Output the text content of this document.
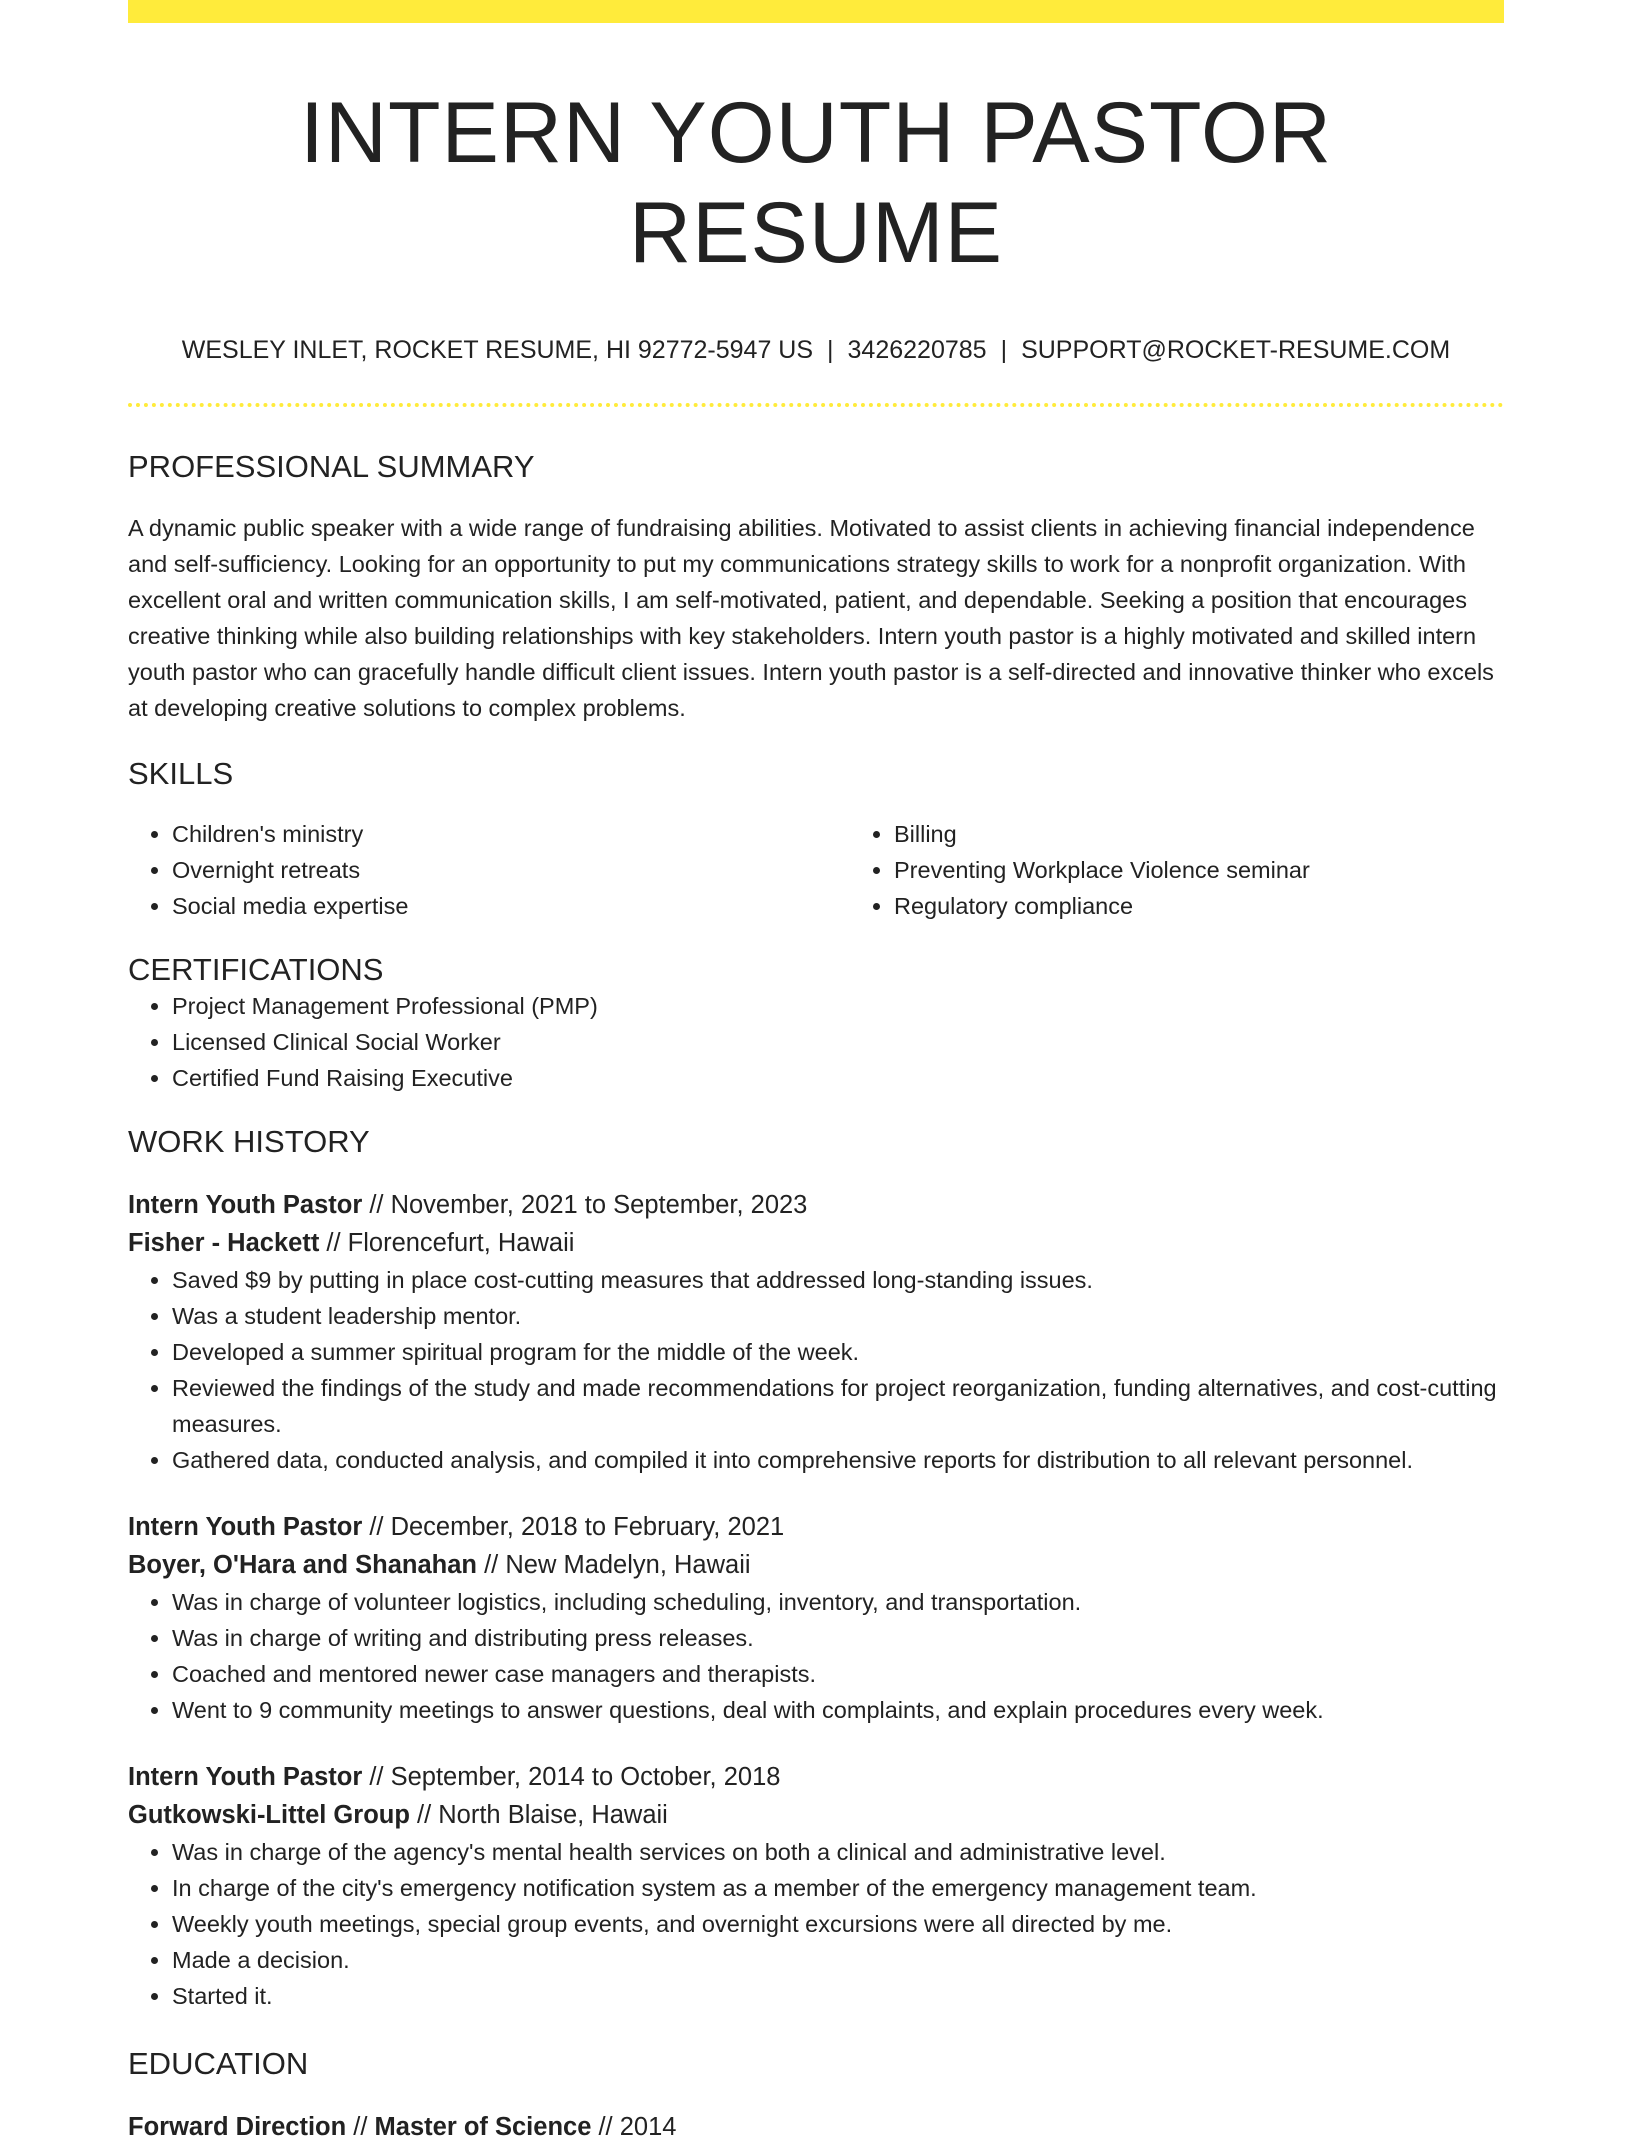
INTERN YOUTH PASTOR RESUME
WESLEY INLET, ROCKET RESUME, HI 92772-5947 US | 3426220785 | SUPPORT@ROCKET-RESUME.COM
PROFESSIONAL SUMMARY

A dynamic public speaker with a wide range of fundraising abilities. Motivated to assist clients in achieving financial independence and self-sufficiency. Looking for an opportunity to put my communications strategy skills to work for a nonprofit organization. With excellent oral and written communication skills, I am self-motivated, patient, and dependable. Seeking a position that encourages creative thinking while also building relationships with key stakeholders. Intern youth pastor is a highly motivated and skilled intern youth pastor who can gracefully handle difficult client issues. Intern youth pastor is a self-directed and innovative thinker who excels at developing creative solutions to complex problems.

SKILLS
• Children's ministry
• Overnight retreats
• Social media expertise
• Billing
• Preventing Workplace Violence seminar
• Regulatory compliance
CERTIFICATIONS
• Project Management Professional (PMP)
• Licensed Clinical Social Worker
• Certified Fund Raising Executive
WORK HISTORY
Intern Youth Pastor // November, 2021 to September, 2023
Fisher - Hackett // Florencefurt, Hawaii
• Saved $9 by putting in place cost-cutting measures that addressed long-standing issues.
• Was a student leadership mentor.
• Developed a summer spiritual program for the middle of the week.
• Reviewed the findings of the study and made recommendations for project reorganization, funding alternatives, and cost-cutting measures.
• Gathered data, conducted analysis, and compiled it into comprehensive reports for distribution to all relevant personnel.
Intern Youth Pastor // December, 2018 to February, 2021
Boyer, O'Hara and Shanahan // New Madelyn, Hawaii
• Was in charge of volunteer logistics, including scheduling, inventory, and transportation.
• Was in charge of writing and distributing press releases.
• Coached and mentored newer case managers and therapists.
• Went to 9 community meetings to answer questions, deal with complaints, and explain procedures every week.
Intern Youth Pastor // September, 2014 to October, 2018
Gutkowski-Littel Group // North Blaise, Hawaii
• Was in charge of the agency's mental health services on both a clinical and administrative level.
• In charge of the city's emergency notification system as a member of the emergency management team.
• Weekly youth meetings, special group events, and overnight excursions were all directed by me.
• Made a decision.
• Started it.
EDUCATION
Forward Direction // Master of Science // 2014
